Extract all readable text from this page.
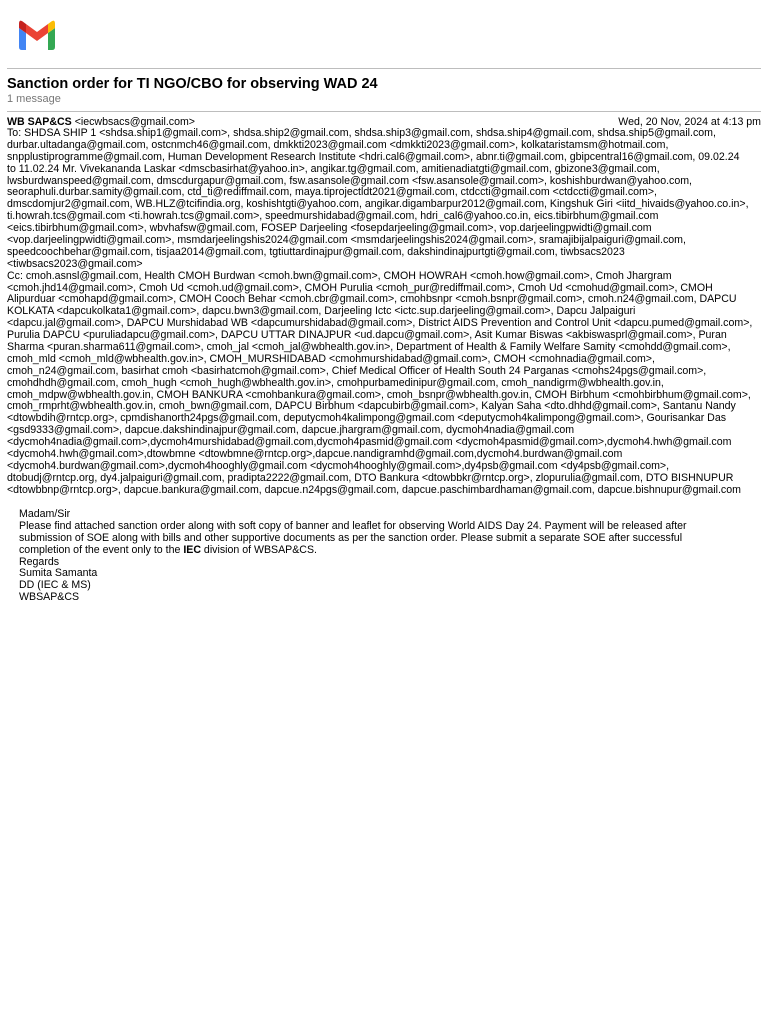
Sanction order for TI NGO/CBO for observing WAD 24
1 message
WB SAP&CS <iecwbsacs@gmail.com>	Wed, 20 Nov, 2024 at 4:13 pm
To: SHDSA SHIP 1 <shdsa.ship1@gmail.com>, shdsa.ship2@gmail.com, shdsa.ship3@gmail.com, shdsa.ship4@gmail.com, shdsa.ship5@gmail.com,
durbar.ultadanga@gmail.com, ostcnmch46@gmail.com, dmkkti2023@gmail.com <dmkkti2023@gmail.com>, kolkataristamsm@hotmail.com,
snpplustiprogramme@gmail.com, Human Development Research Institute <hdri.cal6@gmail.com>, abnr.ti@gmail.com, gbipcentral16@gmail.com, 09.02.24
to 11.02.24 Mr. Vivekananda Laskar <dmscbasirhat@yahoo.in>, angikar.tg@gmail.com, amitienadiatgti@gmail.com, gbizone3@gmail.com,
lwsburdwanspeed@gmail.com, dmscdurgapur@gmail.com, fsw.asansole@gmail.com <fsw.asansole@gmail.com>, koshishburdwan@yahoo.com,
seoraphuli.durbar.samity@gmail.com, ctd_ti@rediffmail.com, maya.tiprojectldt2021@gmail.com, ctdccti@gmail.com <ctdccti@gmail.com>,
dmscdomjur2@gmail.com, WB.HLZ@tcifindia.org, koshishtgti@yahoo.com, angikar.digambarpur2012@gmail.com, Kingshuk Giri <iitd_hivaids@yahoo.co.in>,
ti.howrah.tcs@gmail.com <ti.howrah.tcs@gmail.com>, speedmurshidabad@gmail.com, hdri_cal6@yahoo.co.in, eics.tibirbhum@gmail.com
<eics.tibirbhum@gmail.com>, wbvhafsw@gmail.com, FOSEP Darjeeling <fosepdarjeeling@gmail.com>, vop.darjeelingpwidti@gmail.com
<vop.darjeelingpwidti@gmail.com>, msmdarjeelingshis2024@gmail.com <msmdarjeelingshis2024@gmail.com>, sramajibijalpaiguri@gmail.com,
speedcoochbehar@gmail.com, tisjaa2014@gmail.com, tgtiuttardinajpur@gmail.com, dakshindinajpurtgti@gmail.com, tiwbsacs2023
<tiwbsacs2023@gmail.com>
Cc: cmoh.asnsl@gmail.com, Health CMOH Burdwan <cmoh.bwn@gmail.com>, CMOH HOWRAH <cmoh.how@gmail.com>, Cmoh Jhargram
<cmoh.jhd14@gmail.com>, Cmoh Ud <cmoh.ud@gmail.com>, CMOH Purulia <cmoh_pur@rediffmail.com>, Cmoh Ud <cmohud@gmail.com>, CMOH
Alipurduar <cmohapd@gmail.com>, CMOH Cooch Behar <cmoh.cbr@gmail.com>, cmohbsnpr <cmoh.bsnpr@gmail.com>, cmoh.n24@gmail.com, DAPCU
KOLKATA <dapcukolkata1@gmail.com>, dapcu.bwn3@gmail.com, Darjeeling Ictc <ictc.sup.darjeeling@gmail.com>, Dapcu Jalpaiguri
<dapcu.jal@gmail.com>, DAPCU Murshidabad WB <dapcumurshidabad@gmail.com>, District AIDS Prevention and Control Unit <dapcu.pumed@gmail.com>,
Purulia DAPCU <puruliadapcu@gmail.com>, DAPCU UTTAR DINAJPUR <ud.dapcu@gmail.com>, Asit Kumar Biswas <akbiswasprl@gmail.com>, Puran
Sharma <puran.sharma611@gmail.com>, cmoh_jal <cmoh_jal@wbhealth.gov.in>, Department of Health & Family Welfare Samity <cmohdd@gmail.com>,
cmoh_mld <cmoh_mld@wbhealth.gov.in>, CMOH_MURSHIDABAD <cmohmurshidabad@gmail.com>, CMOH <cmohnadia@gmail.com>,
cmoh_n24@gmail.com, basirhat cmoh <basirhatcmoh@gmail.com>, Chief Medical Officer of Health South 24 Parganas <cmohs24pgs@gmail.com>,
cmohdhdh@gmail.com, cmoh_hugh <cmoh_hugh@wbhealth.gov.in>, cmohpurbamedinipur@gmail.com, cmoh_nandigrm@wbhealth.gov.in,
cmoh_mdpw@wbhealth.gov.in, CMOH BANKURA <cmohbankura@gmail.com>, cmoh_bsnpr@wbhealth.gov.in, CMOH Birbhum <cmohbirbhum@gmail.com>,
cmoh_rmprht@wbhealth.gov.in, cmoh_bwn@gmail.com, DAPCU Birbhum <dapcubirb@gmail.com>, Kalyan Saha <dto.dhhd@gmail.com>, Santanu Nandy
<dtowbdih@rntcp.org>, cpmdishanorth24pgs@gmail.com, deputycmoh4kalimpong@gmail.com <deputycmoh4kalimpong@gmail.com>, Gourisankar Das
<gsd9333@gmail.com>, dapcue.dakshindinajpur@gmail.com, dapcue.jhargram@gmail.com, dycmoh4nadia@gmail.com
<dycmoh4nadia@gmail.com>,dycmoh4murshidabad@gmail.com,dycmoh4pasmid@gmail.com <dycmoh4pasmid@gmail.com>,dycmoh4.hwh@gmail.com
<dycmoh4.hwh@gmail.com>,dtowbmne <dtowbmne@rntcp.org>,dapcue.nandigramhd@gmail.com,dycmoh4.burdwan@gmail.com
<dycmoh4.burdwan@gmail.com>,dycmoh4hooghly@gmail.com <dycmoh4hooghly@gmail.com>,dy4psb@gmail.com <dy4psb@gmail.com>,
dtobudj@rntcp.org, dy4.jalpaiguri@gmail.com, pradipta2222@gmail.com, DTO Bankura <dtowbbkr@rntcp.org>, zlopurulia@gmail.com, DTO BISHNUPUR
<dtowbbnp@rntcp.org>, dapcue.bankura@gmail.com, dapcue.n24pgs@gmail.com, dapcue.paschimbardhaman@gmail.com, dapcue.bishnupur@gmail.com
Madam/Sir
Please find attached sanction order along with soft copy of banner and leaflet for observing World AIDS Day 24. Payment will be released after
submission of SOE along with bills and other supportive documents as per the sanction order. Please submit a separate SOE after successful
completion of the event only to the IEC division of WBSAP&CS.
Regards
Sumita Samanta
DD (IEC & MS)
WBSAP&CS
